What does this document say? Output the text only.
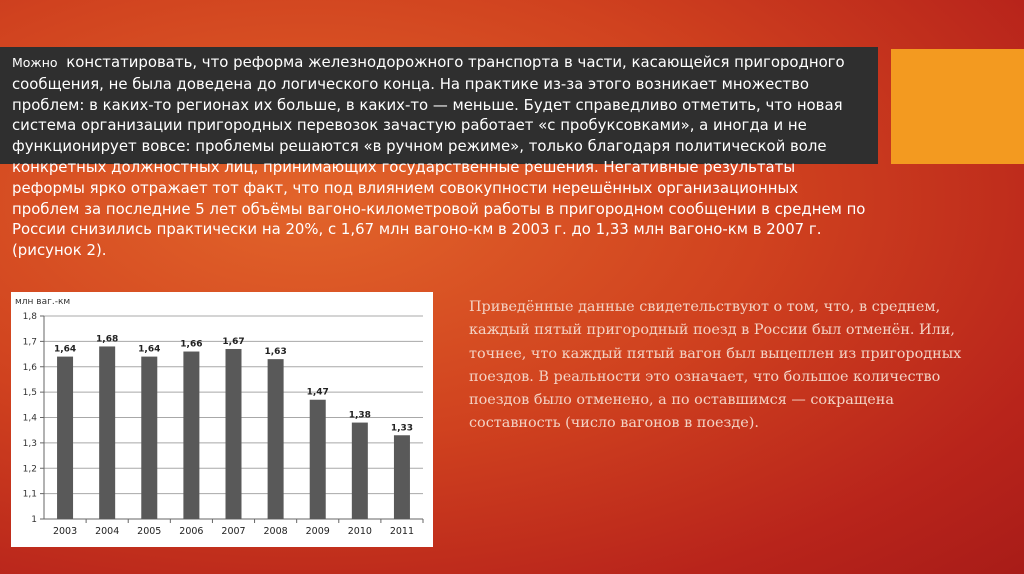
Можно констатировать, что реформа железнодорожного транспорта в части, касающейся пригородного сообщения, не была доведена до логического конца. На практике из-за этого возникает множество проблем: в каких-то регионах их больше, в каких-то — меньше. Будет справедливо отметить, что новая система организации пригородных перевозок зачастую работает «с пробуксовками», а иногда и не функционирует вовсе: проблемы решаются «в ручном режиме», только благодаря политической воле конкретных должностных лиц, принимающих государственные решения. Негативные результаты реформы ярко отражает тот факт, что под влиянием совокупности нерешённых организационных проблем за последние 5 лет объёмы вагоно-километровой работы в пригородном сообщении в среднем по России снизились практически на 20%, с 1,67 млн вагоно-км в 2003 г. до 1,33 млн вагоно-км в 2007 г. (рисунок 2).

млн ваг.-км
1
1,1
1,2
1,3
1,4
1,5
1,6
1,7
1,8
1,64
2003
1,68
2004
1,64
2005
1,66
2006
1,67
2007
1,63
2008
1,47
2009
1,38
2010
1,33
2011

Приведённые данные свидетельствуют о том, что, в среднем, каждый пятый пригородный поезд в России был отменён. Или, точнее, что каждый пятый вагон был выцеплен из пригородных поездов. В реальности это означает, что большое количество поездов было отменено, а по оставшимся — сокращена составность (число вагонов в поезде).
